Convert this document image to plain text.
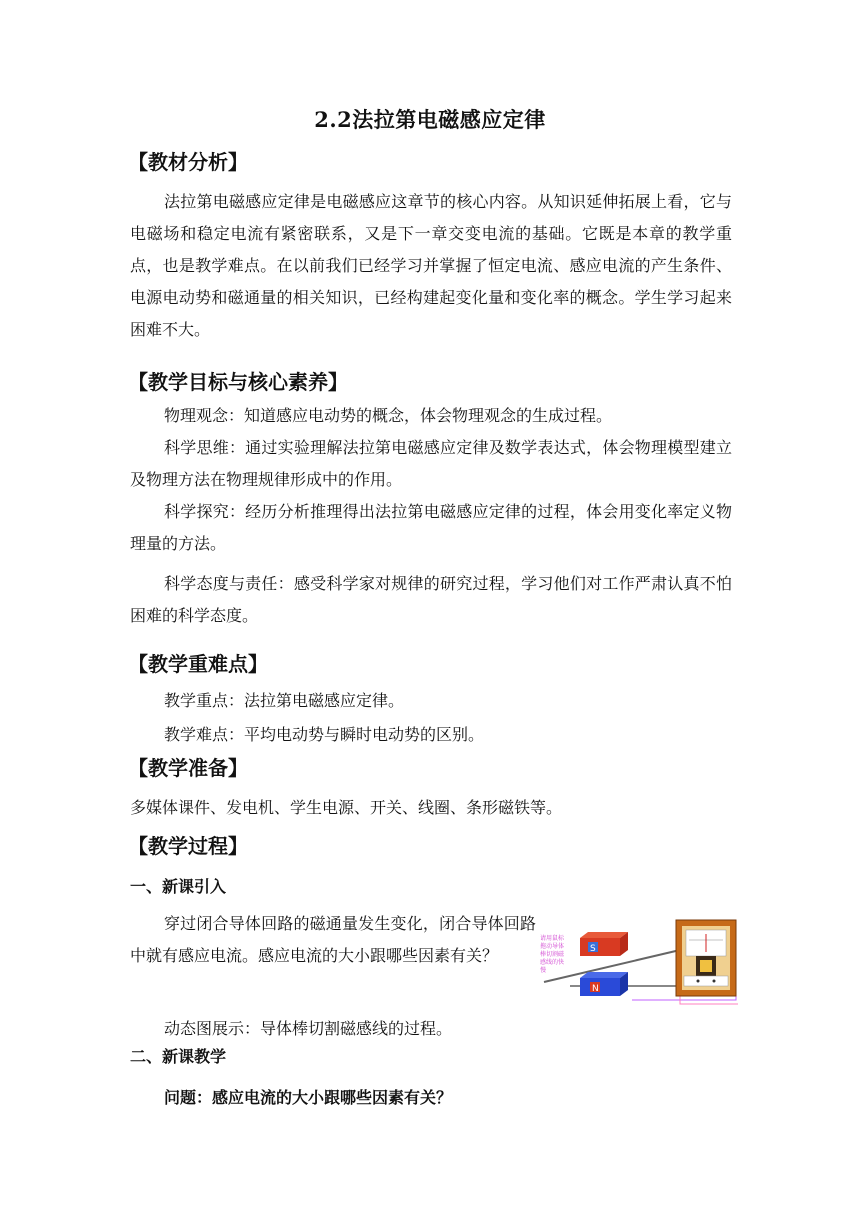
2.2法拉第电磁感应定律
【教材分析】
法拉第电磁感应定律是电磁感应这章节的核心内容。从知识延伸拓展上看，它与电磁场和稳定电流有紧密联系，又是下一章交变电流的基础。它既是本章的教学重点，也是教学难点。在以前我们已经学习并掌握了恒定电流、感应电流的产生条件、电源电动势和磁通量的相关知识，已经构建起变化量和变化率的概念。学生学习起来困难不大。
【教学目标与核心素养】
物理观念：知道感应电动势的概念，体会物理观念的生成过程。
科学思维：通过实验理解法拉第电磁感应定律及数学表达式，体会物理模型建立及物理方法在物理规律形成中的作用。
科学探究：经历分析推理得出法拉第电磁感应定律的过程，体会用变化率定义物理量的方法。
科学态度与责任：感受科学家对规律的研究过程，学习他们对工作严肃认真不怕困难的科学态度。
【教学重难点】
教学重点：法拉第电磁感应定律。
教学难点：平均电动势与瞬时电动势的区别。
【教学准备】
多媒体课件、发电机、学生电源、开关、线圈、条形磁铁等。
【教学过程】
一、新课引入
穿过闭合导体回路的磁通量发生变化，闭合导体回路中就有感应电流。感应电流的大小跟哪些因素有关？
请用鼠标
拖动导体
棒切割磁
感线的快
慢
S
N
动态图展示：导体棒切割磁感线的过程。
二、新课教学
问题：感应电流的大小跟哪些因素有关？
